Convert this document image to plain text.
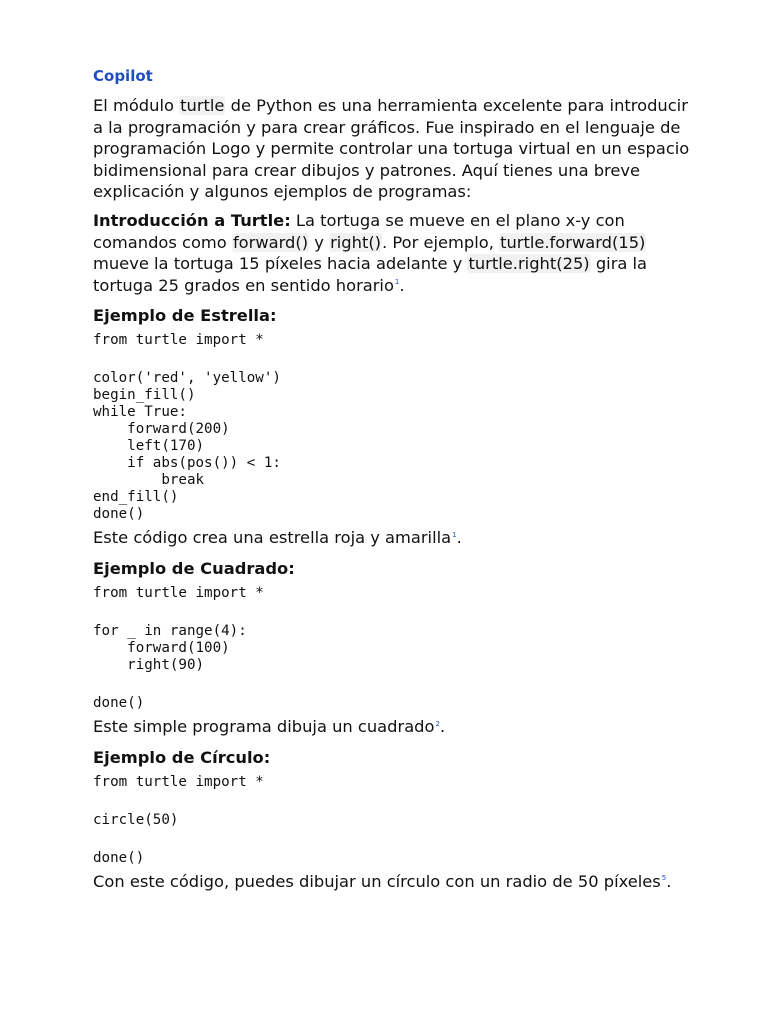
Copilot

El módulo turtle de Python es una herramienta excelente para introducir a la programación y para crear gráficos. Fue inspirado en el lenguaje de programación Logo y permite controlar una tortuga virtual en un espacio bidimensional para crear dibujos y patrones. Aquí tienes una breve explicación y algunos ejemplos de programas:

Introducción a Turtle: La tortuga se mueve en el plano x-y con comandos como forward() y right(). Por ejemplo, turtle.forward(15) mueve la tortuga 15 píxeles hacia adelante y turtle.right(25) gira la tortuga 25 grados en sentido horario$^1$.

Ejemplo de Estrella:
from turtle import *
color('red', 'yellow')
begin_fill()
while True:
forward(200)
left(170)
if abs(pos()) < 1:
break
end_fill()
done()

Este código crea una estrella roja y amarilla$^1$.

Ejemplo de Cuadrado:
from turtle import *
for _ in range(4):
forward(100)
right(90)
done()

Este simple programa dibuja un cuadrado$^2$.

Ejemplo de Círculo:
from turtle import *
circle(50)
done()

Con este código, puedes dibujar un círculo con un radio de 50 píxeles$^5$.
